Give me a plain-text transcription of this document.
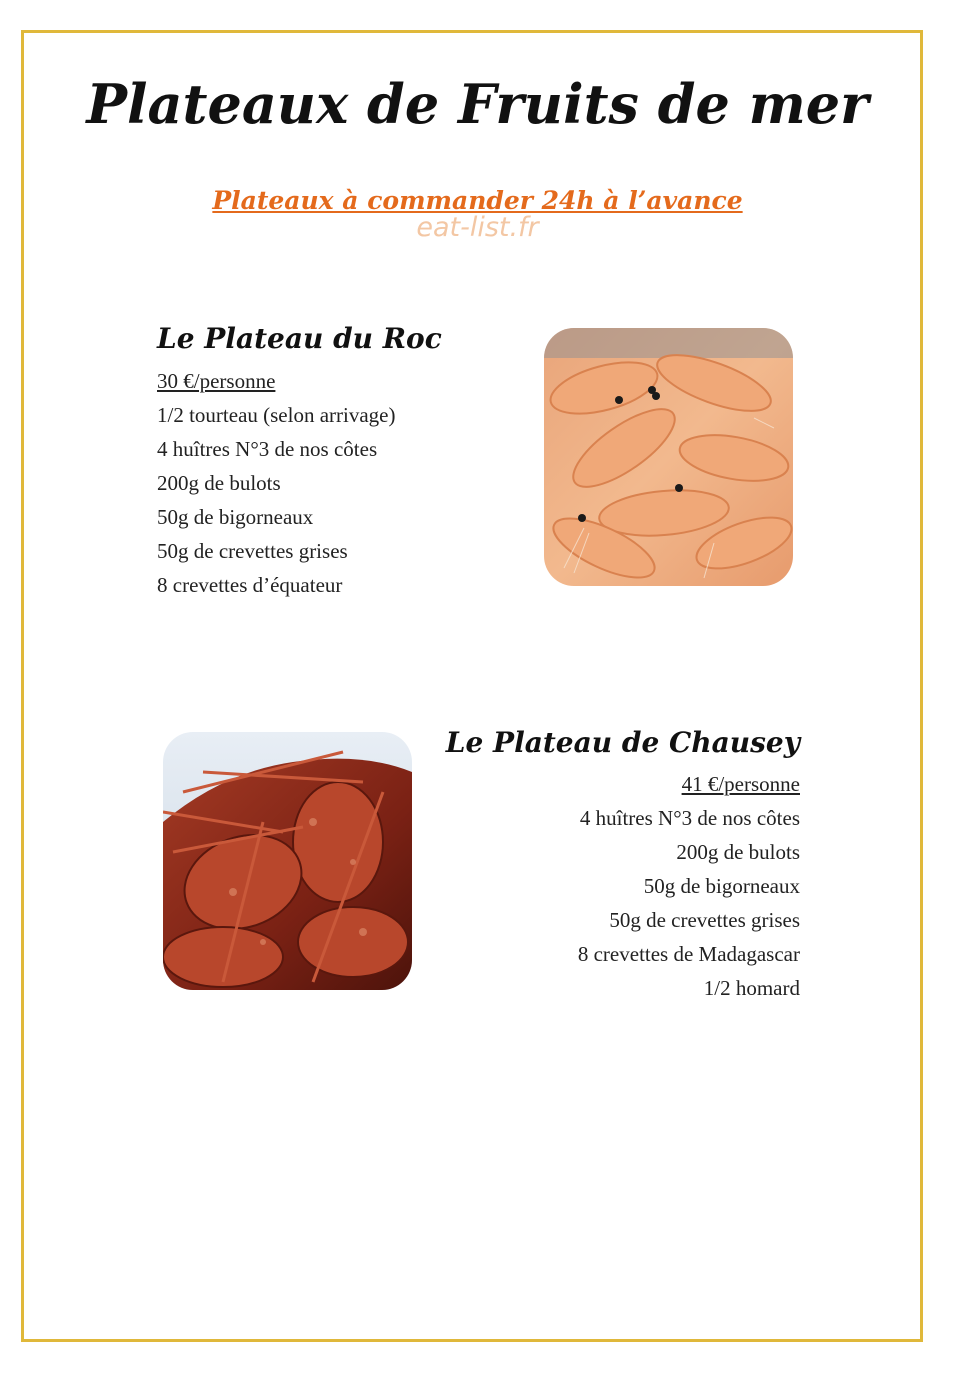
Plateaux de Fruits de mer
Plateaux à commander 24h à l’avance
eat-list.fr
Le Plateau du Roc
30 €/personne
1/2 tourteau (selon arrivage)
4 huîtres N°3 de nos côtes
200g de bulots
50g de bigorneaux
50g de crevettes grises
8 crevettes d’équateur
Le Plateau de Chausey
41 €/personne
4 huîtres N°3 de nos côtes
200g de bulots
50g de bigorneaux
50g de crevettes grises
8 crevettes de Madagascar
1/2 homard
